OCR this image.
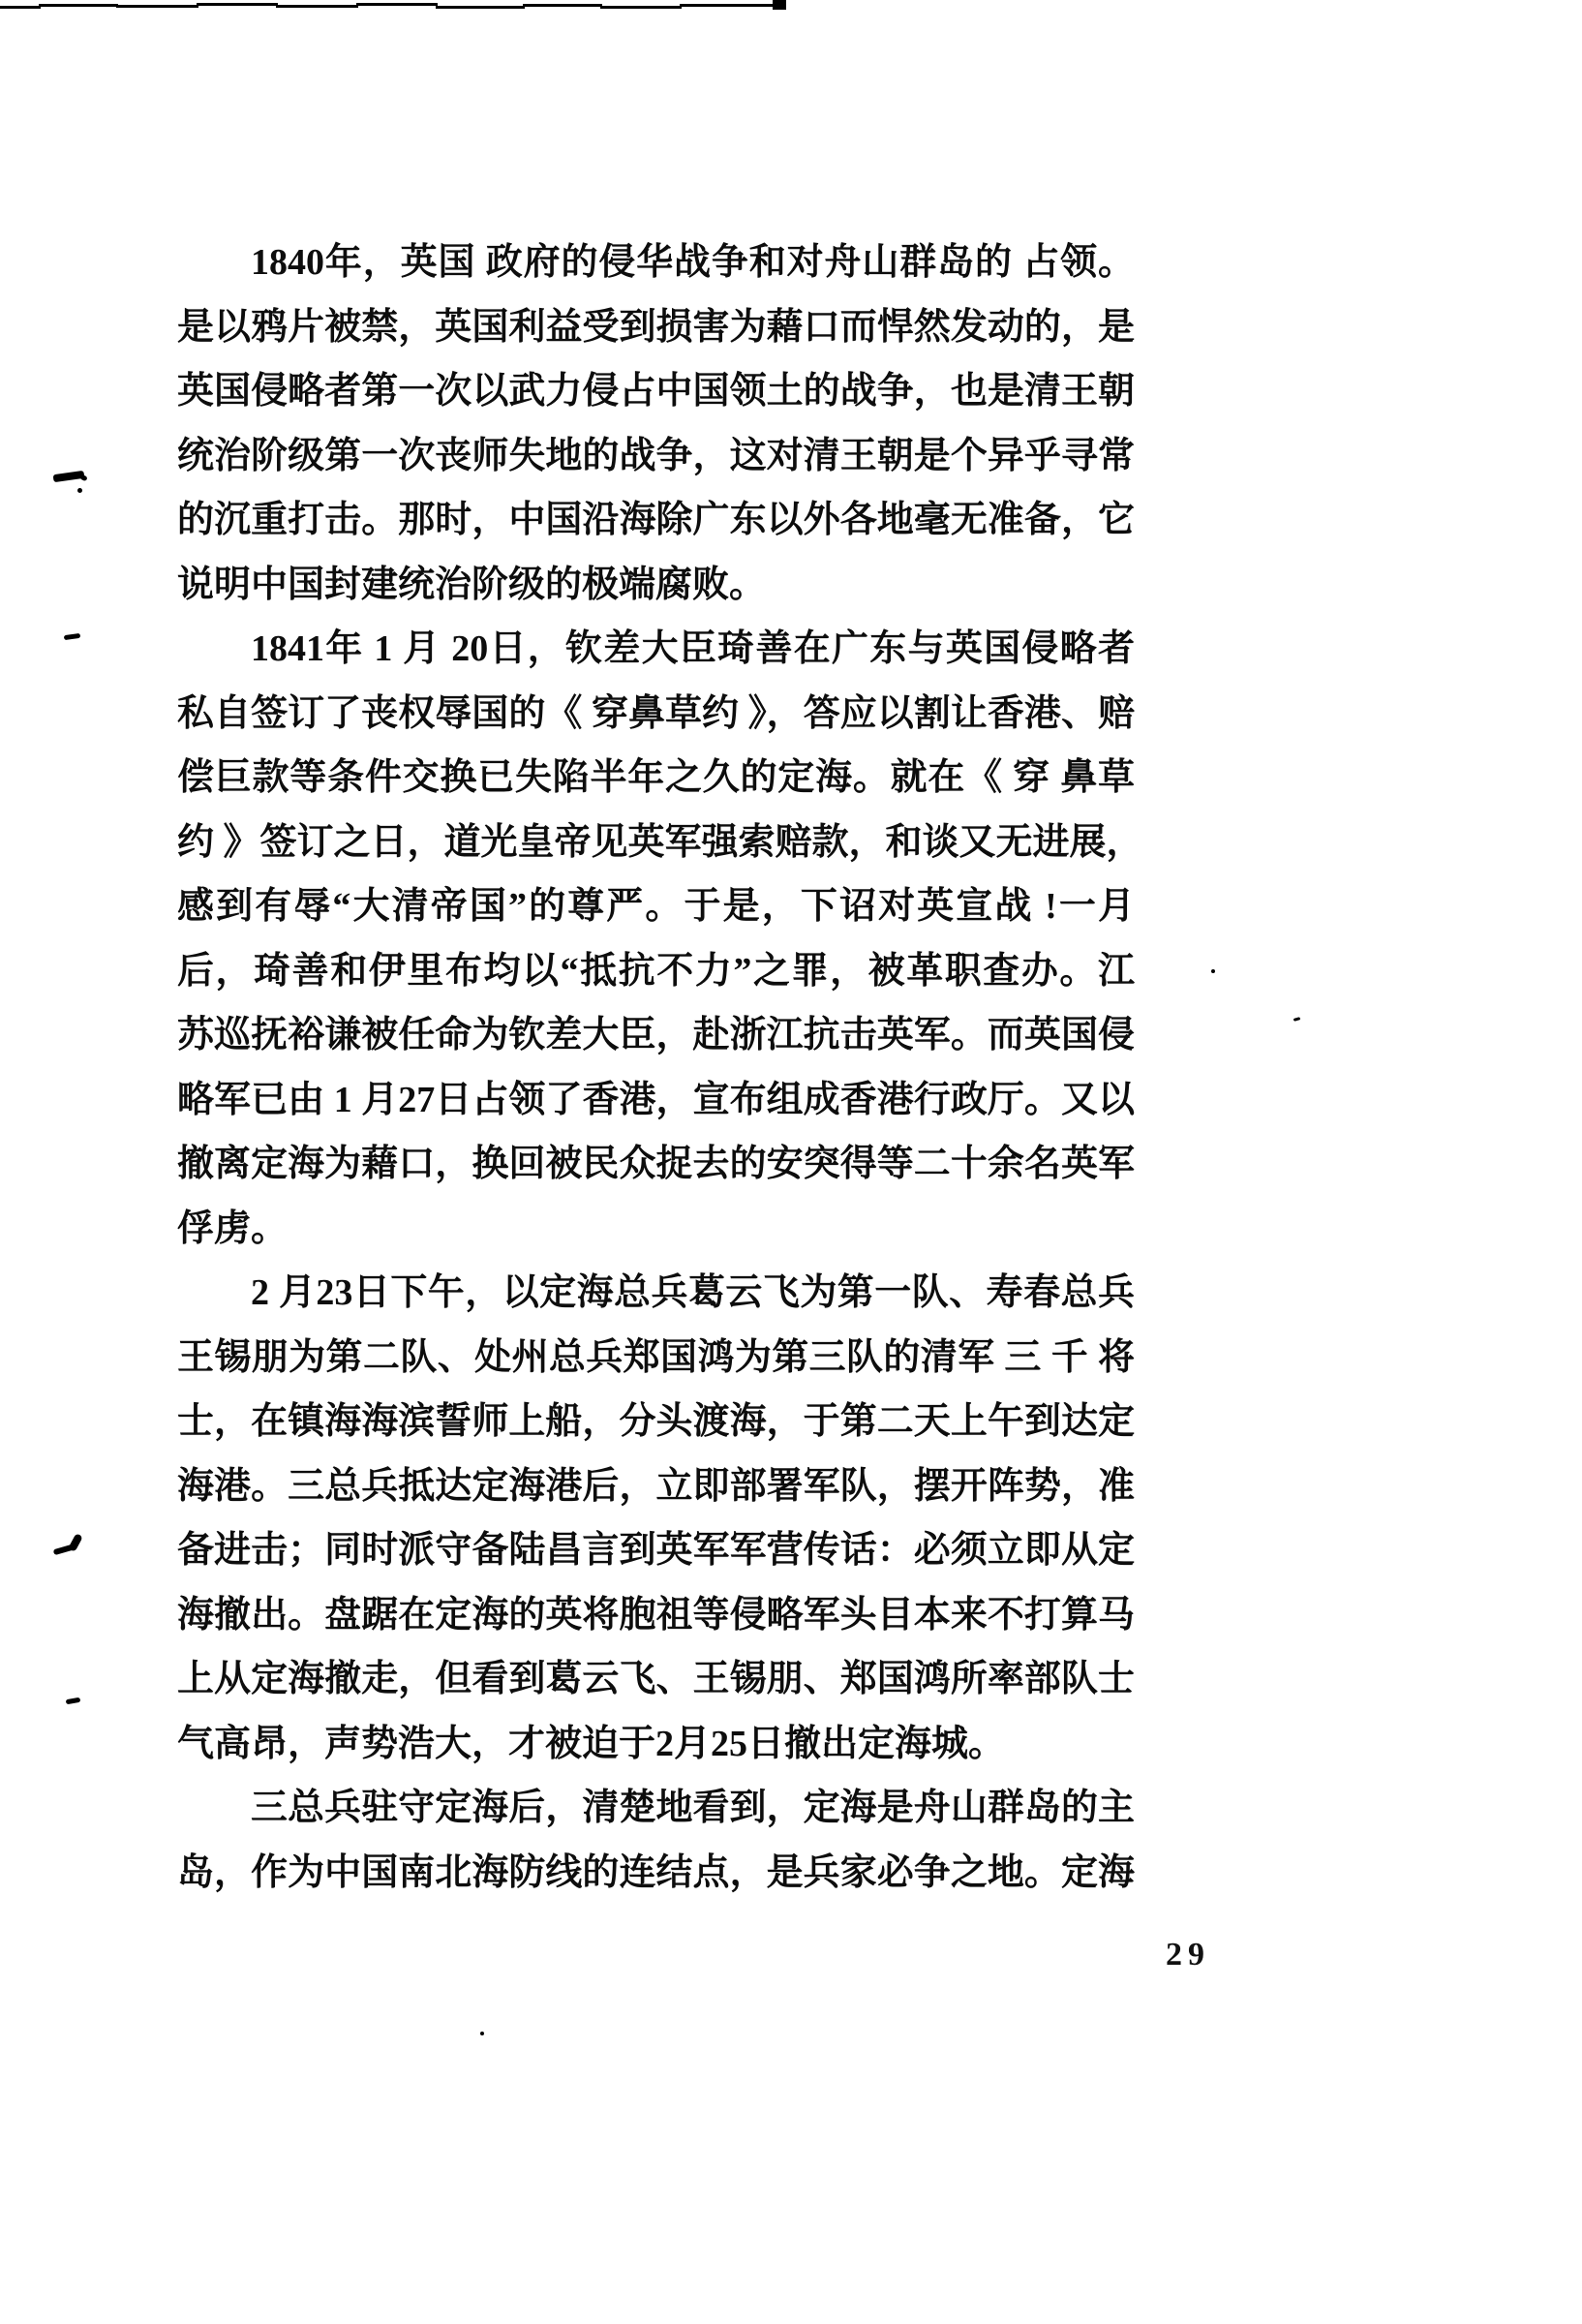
1840年，英国 政府的侵华战争和对舟山群岛的 占领。
是以鸦片被禁，英国利益受到损害为藉口而悍然发动的，是
英国侵略者第一次以武力侵占中国领土的战争，也是清王朝
统治阶级第一次丧师失地的战争，这对清王朝是个异乎寻常
的沉重打击。那时，中国沿海除广东以外各地毫无准备，它
说明中国封建统治阶级的极端腐败。
1841年 1 月 20日，钦差大臣琦善在广东与英国侵略者
私自签订了丧权辱国的《 穿鼻草约 》，答应以割让香港、赔
偿巨款等条件交换已失陷半年之久的定海。就在《 穿 鼻草
约 》签订之日，道光皇帝见英军强索赔款，和谈又无进展，
感到有辱“大清帝国”的尊严。于是，下诏对英宣战 !一月
后，琦善和伊里布均以“抵抗不力”之罪，被革职查办。江
苏巡抚裕谦被任命为钦差大臣，赴浙江抗击英军。而英国侵
略军已由 1 月27日占领了香港，宣布组成香港行政厅。又以
撤离定海为藉口，换回被民众捉去的安突得等二十余名英军
俘虏。
2 月23日下午，以定海总兵葛云飞为第一队、寿春总兵
王锡朋为第二队、处州总兵郑国鸿为第三队的清军 三 千 将
士，在镇海海滨誓师上船，分头渡海，于第二天上午到达定
海港。三总兵抵达定海港后，立即部署军队，摆开阵势，准
备进击；同时派守备陆昌言到英军军营传话：必须立即从定
海撤出。盘踞在定海的英将胞祖等侵略军头目本来不打算马
上从定海撤走，但看到葛云飞、王锡朋、郑国鸿所率部队士
气高昂，声势浩大，才被迫于2月25日撤出定海城。
三总兵驻守定海后，清楚地看到，定海是舟山群岛的主
岛，作为中国南北海防线的连结点，是兵家必争之地。定海
29
